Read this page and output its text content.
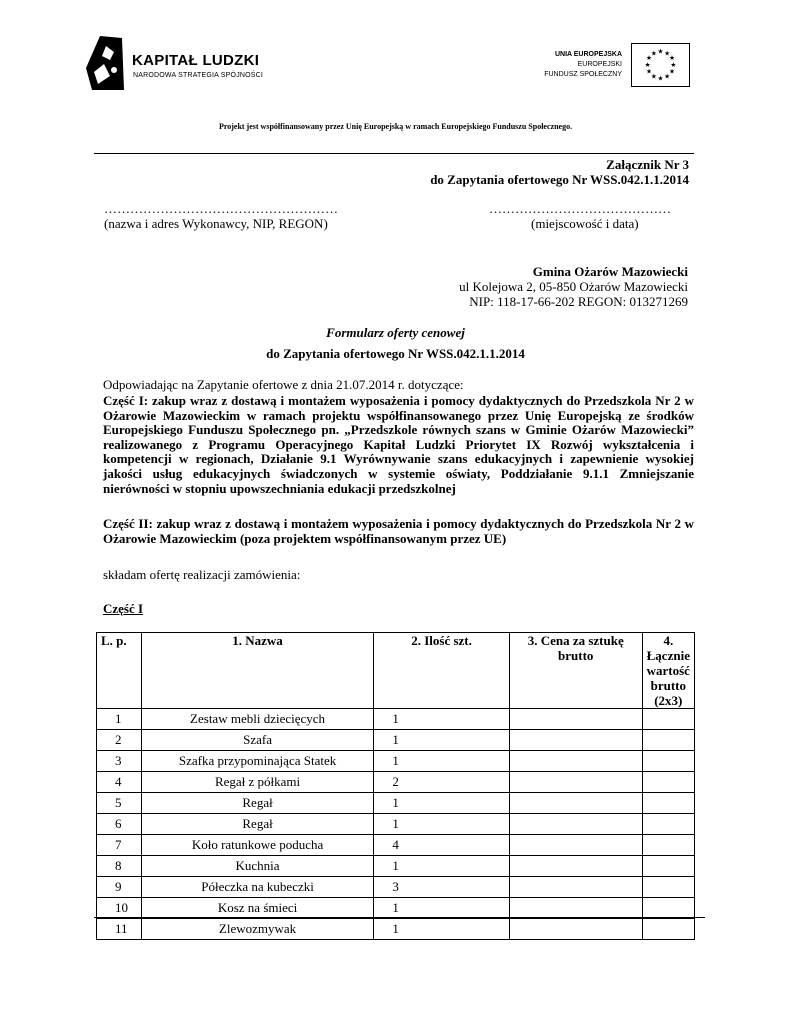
KAPITAŁ LUDZKI
NARODOWA STRATEGIA SPÓJNOŚCI
UNIA EUROPEJSKA
EUROPEJSKI
FUNDUSZ SPOŁECZNY
★ ★
★
★
★
★
★
★
★
★
★
★
Projekt jest współfinansowany przez Unię Europejską w ramach Europejskiego Funduszu Społecznego.
Załącznik Nr 3
do Zapytania ofertowego Nr WSS.042.1.1.2014
………………………………………………
(nazwa i adres Wykonawcy, NIP, REGON)
……………………………………
(miejscowość i data)
Gmina Ożarów Mazowiecki
ul Kolejowa 2, 05-850 Ożarów Mazowiecki
NIP: 118-17-66-202 REGON: 013271269
Formularz oferty cenowej
do Zapytania ofertowego Nr WSS.042.1.1.2014
Odpowiadając na Zapytanie ofertowe z dnia 21.07.2014 r. dotyczące:
Część I: zakup wraz z dostawą i montażem wyposażenia i pomocy dydaktycznych do Przedszkola Nr 2 w Ożarowie Mazowieckim w ramach projektu współfinansowanego przez Unię Europejską ze środków Europejskiego Funduszu Społecznego pn. „Przedszkole równych szans w Gminie Ożarów Mazowiecki” realizowanego z Programu Operacyjnego Kapitał Ludzki Priorytet IX Rozwój wykształcenia i kompetencji w regionach, Działanie 9.1 Wyrównywanie szans edukacyjnych i zapewnienie wysokiej jakości usług edukacyjnych świadczonych w systemie oświaty, Poddziałanie 9.1.1 Zmniejszanie nierówności w stopniu upowszechniania edukacji przedszkolnej
Część II: zakup wraz z dostawą i montażem wyposażenia i pomocy dydaktycznych do Przedszkola Nr 2 w Ożarowie Mazowieckim (poza projektem współfinansowanym przez UE)
składam ofertę realizacji zamówienia:
Część I
L. p.	1. Nazwa	2. Ilość szt.	3. Cena za sztukę brutto	4. Łącznie wartość brutto (2x3)
1	Zestaw mebli dziecięcych	1		
2	Szafa	1		
3	Szafka przypominająca Statek	1		
4	Regał z półkami	2		
5	Regał	1		
6	Regał	1		
7	Koło ratunkowe poducha	4		
8	Kuchnia	1		
9	Półeczka na kubeczki	3		
10	Kosz na śmieci	1		
11	Zlewozmywak	1		
